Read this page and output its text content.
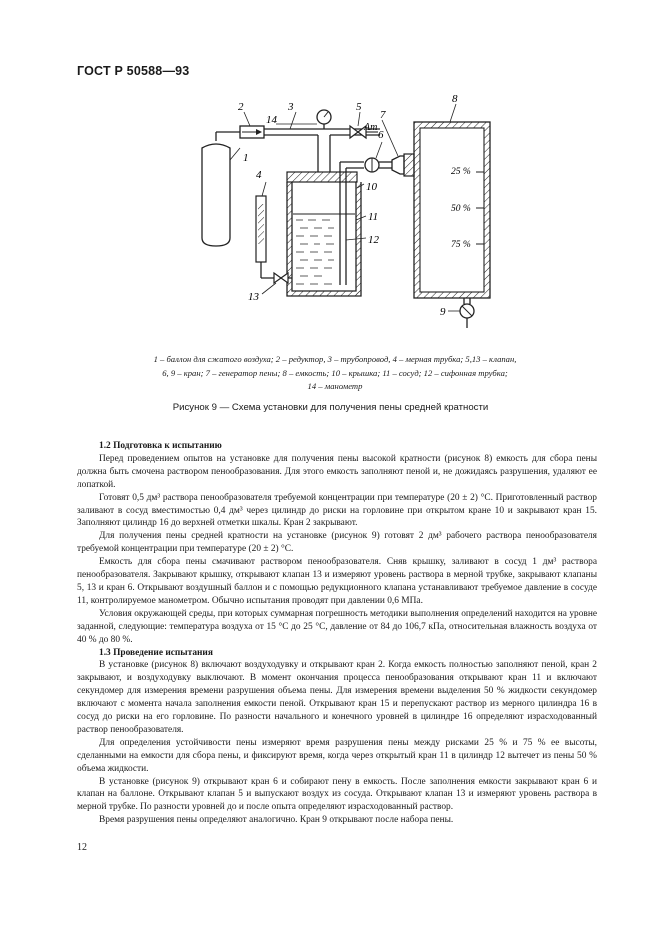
ГОСТ Р 50588—93
1
2	3
4
5
6
7
8
9
10
11
12
13
14
Ат
25 %
50 %
75 %
1 – баллон для сжатого воздуха; 2 – редуктор, 3 – трубопровод, 4 – мерная трубка; 5,13 – клапан,
6, 9 – кран; 7 – генератор пены; 8 – емкость; 10 – крышка; 11 – сосуд; 12 – сифонная трубка;
14 – манометр
Рисунок 9 — Схема установки для получения пены средней кратности
1.2 Подготовка к испытанию

Перед проведением опытов на установке для получения пены высокой кратности (рисунок 8) емкость для сбора пены должна быть смочена раствором пенообразования. Для этого емкость заполняют пеной и, не дожидаясь разрушения, удаляют ее лопаткой.

Готовят 0,5 дм³ раствора пенообразователя требуемой концентрации при температуре (20 ± 2) °С. Приготовленный раствор заливают в сосуд вместимостью 0,4 дм³ через цилиндр до риски на горловине при открытом кране 10 и закрывают кран 15. Заполняют цилиндр 16 до верхней отметки шкалы. Кран 2 закрывают.

Для получения пены средней кратности на установке (рисунок 9) готовят 2 дм³ рабочего раствора пенообразователя требуемой концентрации при температуре (20 ± 2) °С.

Емкость для сбора пены смачивают раствором пенообразователя. Сняв крышку, заливают в сосуд 1 дм³ раствора пенообразователя. Закрывают крышку, открывают клапан 13 и измеряют уровень раствора в мерной трубке, закрывают клапаны 5, 13 и кран 6. Открывают воздушный баллон и с помощью редукционного клапана устанавливают требуемое давление в сосуде 11, контролируемое манометром. Обычно испытания проводят при давлении 0,6 МПа.

Условия окружающей среды, при которых суммарная погрешность методики выполнения определений находится на уровне заданной, следующие: температура воздуха от 15 °С до 25 °С, давление от 84 до 106,7 кПа, относительная влажность воздуха от 40 % до 80 %.

1.3 Проведение испытания

В установке (рисунок 8) включают воздуходувку и открывают кран 2. Когда емкость полностью заполняют пеной, кран 2 закрывают, и воздуходувку выключают. В момент окончания процесса пенообразования открывают кран 11 и включают секундомер для измерения времени разрушения объема пены. Для измерения времени выделения 50 % жидкости секундомер включают с момента начала заполнения емкости пеной. Открывают кран 15 и перепускают раствор из мерного цилиндра 16 в сосуд до риски на его горловине. По разности начального и конечного уровней в цилиндре 16 определяют израсходованный раствор пенообразователя.

Для определения устойчивости пены измеряют время разрушения пены между рисками 25 % и 75 % ее высоты, сделанными на емкости для сбора пены, и фиксируют время, когда через открытый кран 11 в цилиндр 12 вытечет из пены 50 % объема жидкости.

В установке (рисунок 9) открывают кран 6 и собирают пену в емкость. После заполнения емкости закрывают кран 6 и клапан на баллоне. Открывают клапан 5 и выпускают воздух из сосуда. Открывают клапан 13 и измеряют уровень раствора в мерной трубке. По разности уровней до и после опыта определяют израсходованный раствор.

Время разрушения пены определяют аналогично. Кран 9 открывают после набора пены.

12
